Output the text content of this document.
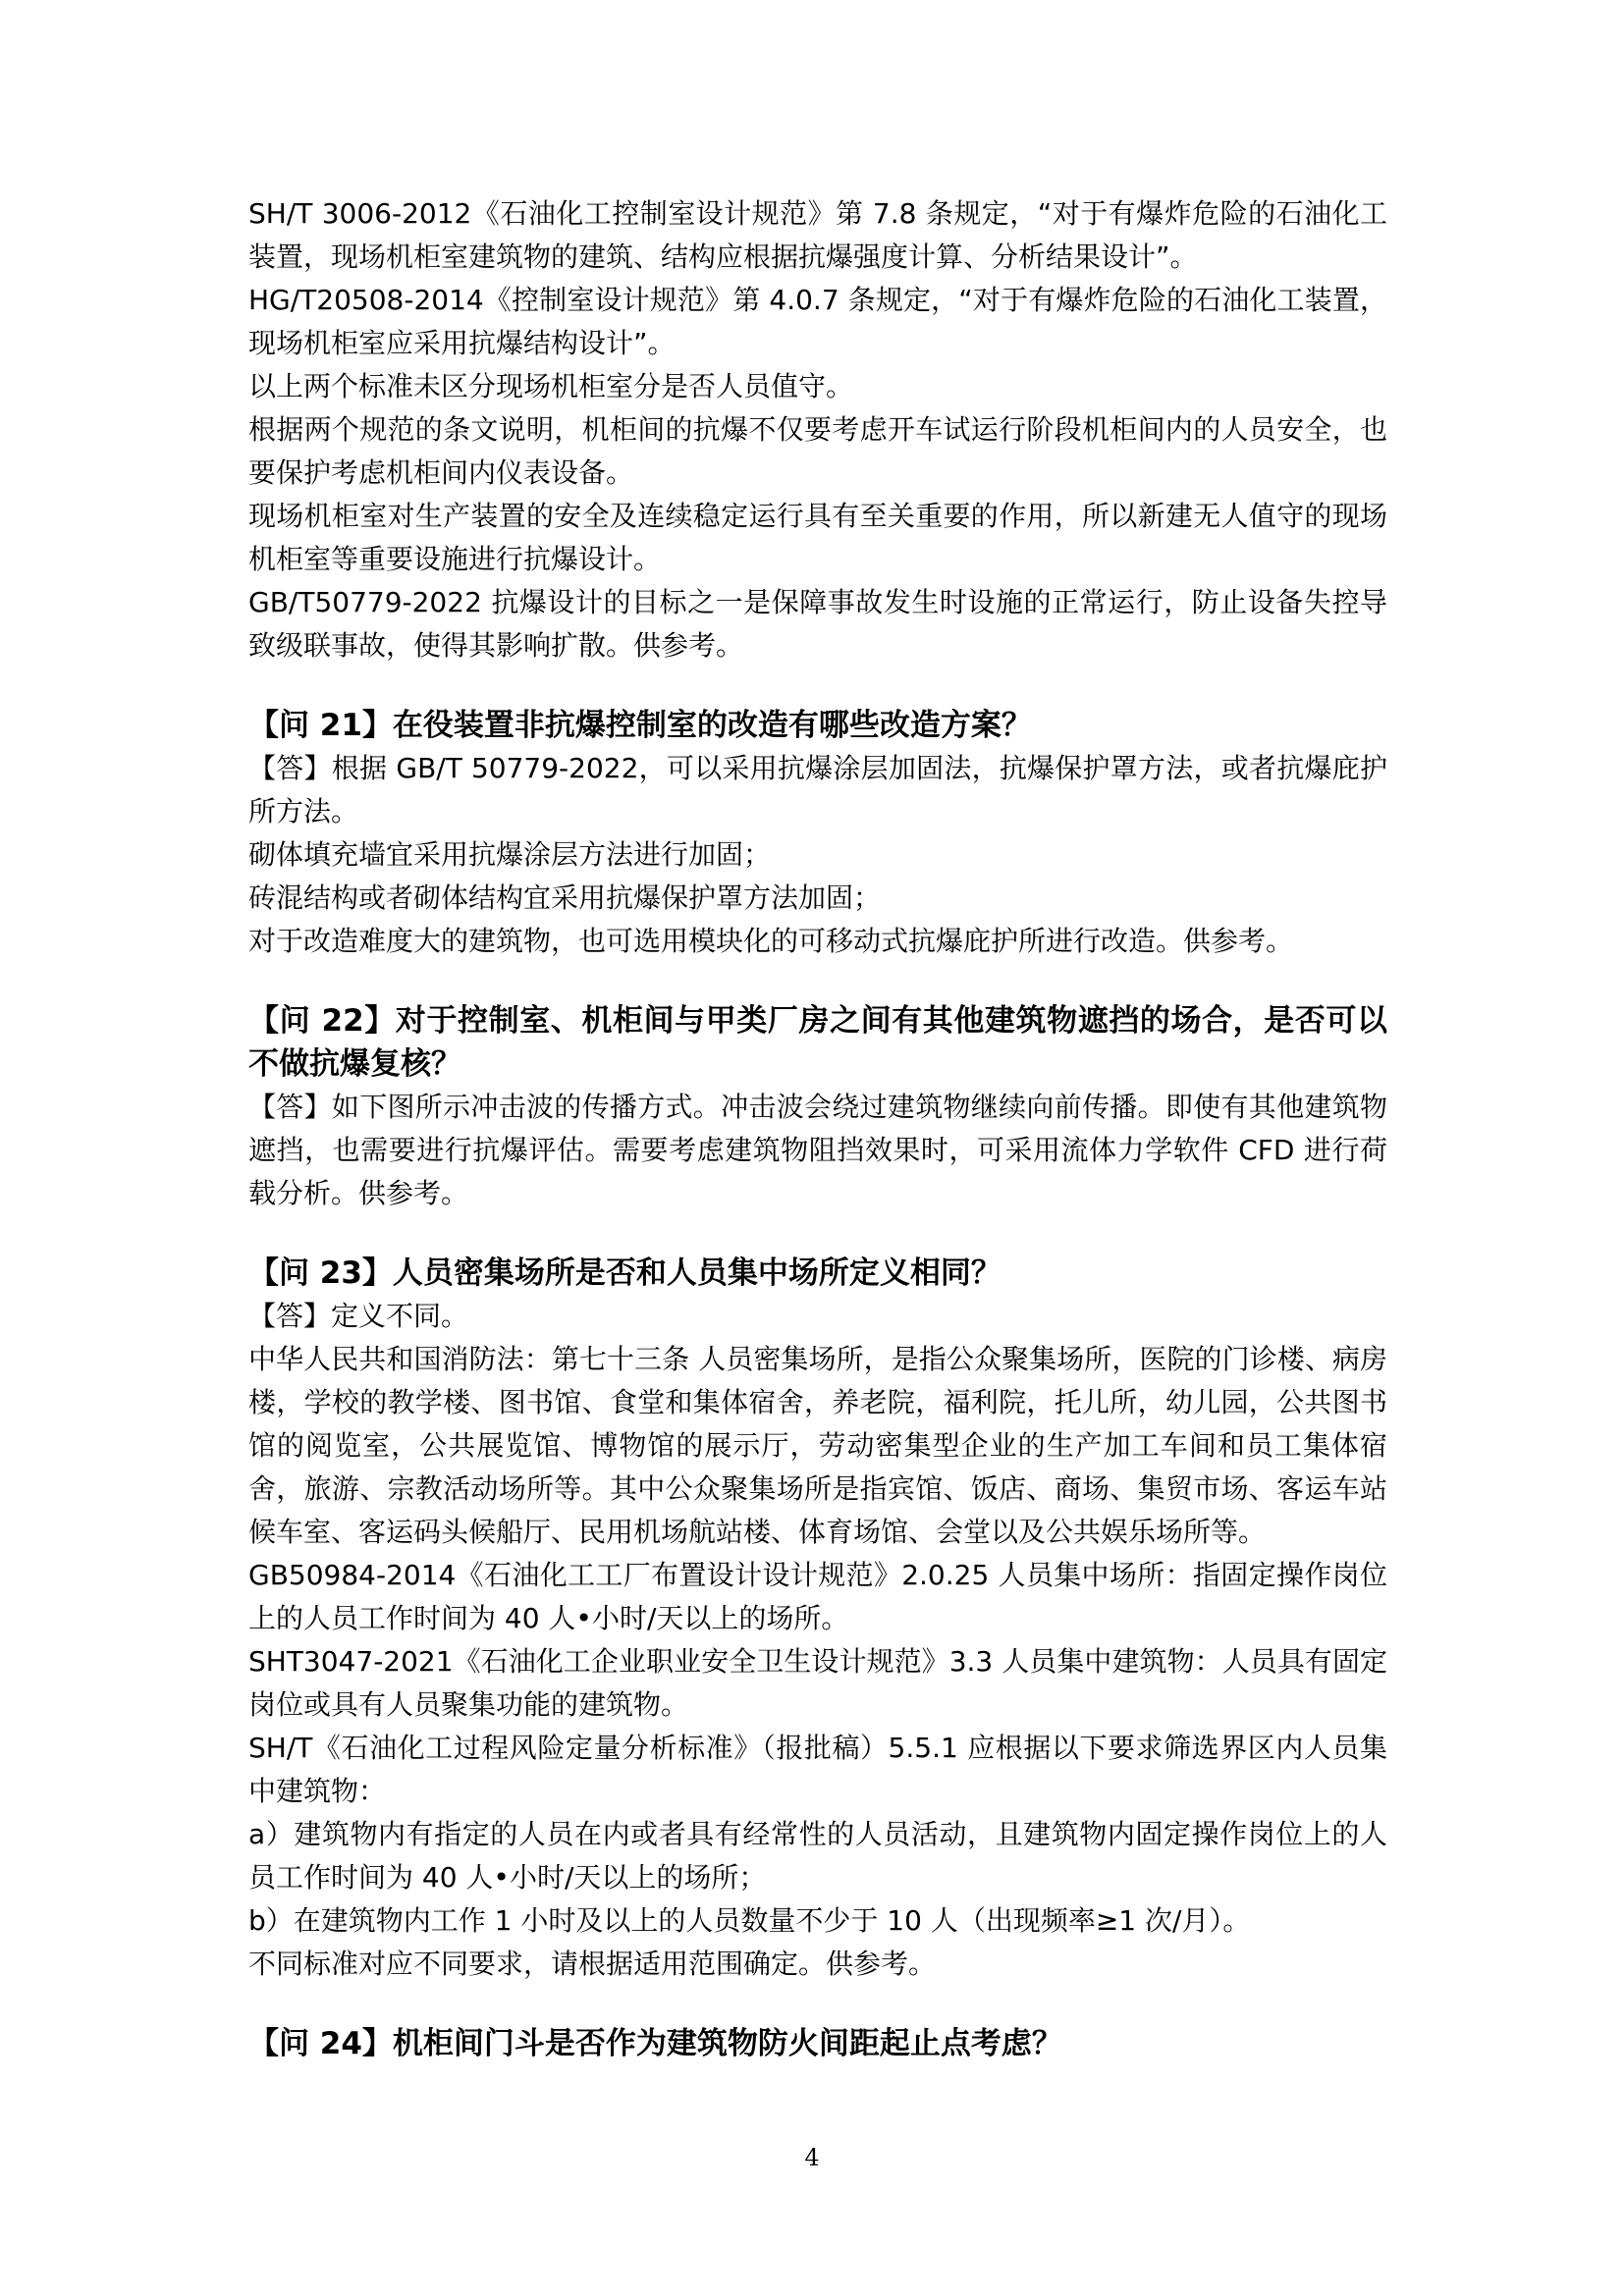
SH/T 3006-2012《石油化工控制室设计规范》第 7.8 条规定，“对于有爆炸危险的石油化工装置，现场机柜室建筑物的建筑、结构应根据抗爆强度计算、分析结果设计”。

HG/T20508-2014《控制室设计规范》第 4.0.7 条规定，“对于有爆炸危险的石油化工装置，现场机柜室应采用抗爆结构设计”。

以上两个标准未区分现场机柜室分是否人员值守。

根据两个规范的条文说明，机柜间的抗爆不仅要考虑开车试运行阶段机柜间内的人员安全，也要保护考虑机柜间内仪表设备。

现场机柜室对生产装置的安全及连续稳定运行具有至关重要的作用，所以新建无人值守的现场机柜室等重要设施进行抗爆设计。

GB/T50779-2022 抗爆设计的目标之一是保障事故发生时设施的正常运行，防止设备失控导致级联事故，使得其影响扩散。供参考。

【问 21】在役装置非抗爆控制室的改造有哪些改造方案？

【答】根据 GB/T 50779-2022，可以采用抗爆涂层加固法，抗爆保护罩方法，或者抗爆庇护所方法。

砌体填充墙宜采用抗爆涂层方法进行加固；

砖混结构或者砌体结构宜采用抗爆保护罩方法加固；

对于改造难度大的建筑物，也可选用模块化的可移动式抗爆庇护所进行改造。供参考。

【问 22】对于控制室、机柜间与甲类厂房之间有其他建筑物遮挡的场合，是否可以不做抗爆复核？

【答】如下图所示冲击波的传播方式。冲击波会绕过建筑物继续向前传播。即使有其他建筑物遮挡，也需要进行抗爆评估。需要考虑建筑物阻挡效果时，可采用流体力学软件 CFD 进行荷载分析。供参考。

【问 23】人员密集场所是否和人员集中场所定义相同？

【答】定义不同。

中华人民共和国消防法：第七十三条 人员密集场所，是指公众聚集场所，医院的门诊楼、病房楼，学校的教学楼、图书馆、食堂和集体宿舍，养老院，福利院，托儿所，幼儿园，公共图书馆的阅览室，公共展览馆、博物馆的展示厅，劳动密集型企业的生产加工车间和员工集体宿舍，旅游、宗教活动场所等。其中公众聚集场所是指宾馆、饭店、商场、集贸市场、客运车站候车室、客运码头候船厅、民用机场航站楼、体育场馆、会堂以及公共娱乐场所等。

GB50984-2014《石油化工工厂布置设计设计规范》2.0.25 人员集中场所：指固定操作岗位上的人员工作时间为 40 人•小时/天以上的场所。

SHT3047-2021《石油化工企业职业安全卫生设计规范》3.3 人员集中建筑物：人员具有固定岗位或具有人员聚集功能的建筑物。

SH/T《石油化工过程风险定量分析标准》（报批稿）5.5.1 应根据以下要求筛选界区内人员集中建筑物：

a）建筑物内有指定的人员在内或者具有经常性的人员活动，且建筑物内固定操作岗位上的人员工作时间为 40 人•小时/天以上的场所；

b）在建筑物内工作 1 小时及以上的人员数量不少于 10 人（出现频率≥1 次/月）。

不同标准对应不同要求，请根据适用范围确定。供参考。

【问 24】机柜间门斗是否作为建筑物防火间距起止点考虑？
4
